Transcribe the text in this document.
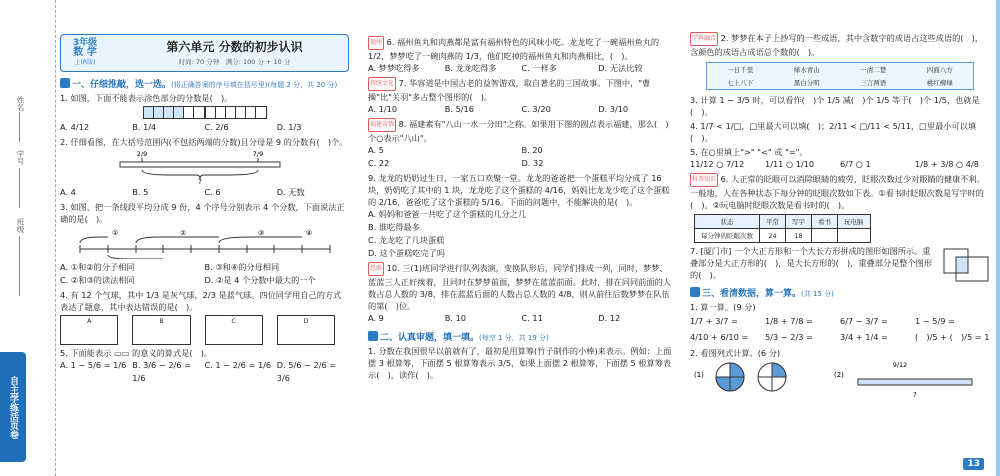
姓名
学号
班级
自主学练活页卷
3年级
数 学
上(R版)
第六单元 分数的初步认识
时间: 70 分钟　 满分: 100 分 + 10 分
一、仔细推敲，选一选。(将正确答案的序号填在括号里)(每题 2 分，共 20 分)
1. 如图，下面不能表示涂色部分的分数是(　)。
A. 4/12	B. 1/4	C. 2/6	D. 1/3
2. 仔细看图，在大括号范围内(不包括两端的分数)且分母是 9 的分数有(　)个。
2/9	7/9
?
A. 4	B. 5	C. 6	D. 无数
3. 如图，把一条线段平均分成 9 份，4 个序号分别表示 4 个分数，下面说法正确的是(　)。
①	②	③	④
A. ①和②的分子相同	B. ③和④的分母相同
C. ②和③的读法相同	D. ②是 4 个分数中最大的一个
4. 有 12 个气球，其中 1/3 是灰气球，2/3 是蓝气球。四位同学用自己的方式表达了题意，其中表达错误的是(　)。
A	B	C	D
5. 下面能表示 ▭▭ 的意义的算式是(　)。
A. 1 − 5/6 = 1/6 B. 3/6 − 2/6 = 1/6
C. 1 − 2/6 = 1/6 D. 5/6 − 2/6 = 3/6
福州 6. 福州鱼丸和肉燕都是富有福州特色的风味小吃。龙龙吃了一碗福州鱼丸的 1/2，梦梦吃了一碗肉燕的 1/3，他们吃掉的福州鱼丸和肉燕相比，(　)。
A. 梦梦吃得多	B. 龙龙吃得多	C. 一样多	D. 无法比较
传统文化 7. 华容道是中国古老的益智游戏，取自著名的三国故事。下图中，"曹操"比"关羽"多占整个图形的(　)。
A. 1/10	B. 5/16	C. 3/20	D. 3/10
福建省情 8. 福建素有"八山一水一分田"之称。如果用下图的圆点表示福建，那么(　)个○表示"八山"。
A. 5	B. 20
C. 22	D. 32
9. 龙龙的奶奶过生日，一家五口欢聚一堂。龙龙的爸爸把一个蛋糕平均分成了 16 块，奶奶吃了其中的 1 块，龙龙吃了这个蛋糕的 4/16，妈妈比龙龙少吃了这个蛋糕的 2/16，爸爸吃了这个蛋糕的 5/16。下面的问题中，不能解决的是(　)。
A. 妈妈和爸爸一共吃了这个蛋糕的几分之几
B. 谁吃得最多
C. 龙龙吃了几块蛋糕
D. 这个蛋糕吃完了吗
思维 10. 三(1)班同学进行队列表演，变换队形后，同学们排成一列，同时，梦梦、蓝蓝三人正好挨着，且同时在梦梦前面，梦梦在蓝蓝前面。此时，排在同同前面的人数占总人数的 3/8，排在蓝蓝后面的人数占总人数的 4/8，则从前往后数梦梦在队伍的第(　)位。
A. 9	B. 10	C. 11	D. 12
二、认真审题，填一填。(每空 1 分，共 19 分)
1. 分数在我国很早以前就有了，最初是用算筹(竹子制作的小棒)来表示。例如：上面摆 3 根算筹，下面摆 5 根算筹表示 3/5，如果上面摆 2 根算筹，下面摆 5 根算筹表示(　)，读作(　)。
学科融合 2. 梦梦在本子上抄写的一些成语，其中含数字的成语占这些成语的(　)，含颜色的成语占成语总个数的(　)。
一日千里	绿水青山	一清二楚	四面八方
七上八下	黑白分明	三言两语	桃红柳绿
3. 计算 1 − 3/5 时，可以看作(　)个 1/5 减(　)个 1/5 等于(　)个 1/5，也就是(　)。
4. 1/7 < 1/□，□里最大可以填(　)；2/11 < □/11 < 5/11，□里最小可以填(　)。
5. 在○里填上">" "<" 或 "="。
11/12 ○ 7/12	1/11 ○ 1/10	6/7 ○ 1	1/8 + 3/8 ○ 4/8
科普知识 6. 人正常的眨眼可以消除眼睛的疲劳，眨眼次数过少对眼睛的健康不利。一般地，人在各种状态下每分钟的眨眼次数如下表。①看书时眨眼次数是写字时的(　)。②玩电脑时眨眼次数是看书时的(　)。
状态	平常	写字	看书	玩电脑
每分钟的眨眼次数	24	18		
7. [厦门市] 一个大正方形和一个大长方形拼成的图形如图所示。重叠部分是大正方形的(　)，是大长方形的(　)，重叠部分是整个图形的(　)。
三、看清数据，算一算。(共 15 分)
1. 算一算。(9 分)
1/7 + 3/7 =	1/8 + 7/8 =	6/7 − 3/7 =	1 − 5/9 =
4/10 + 6/10 =	5/3 − 2/3 =	3/4 + 1/4 =	(　)/5 + (　)/5 = 1
2. 看图列式计算。(6 分)
(1)	(2)
9/12
?
13
